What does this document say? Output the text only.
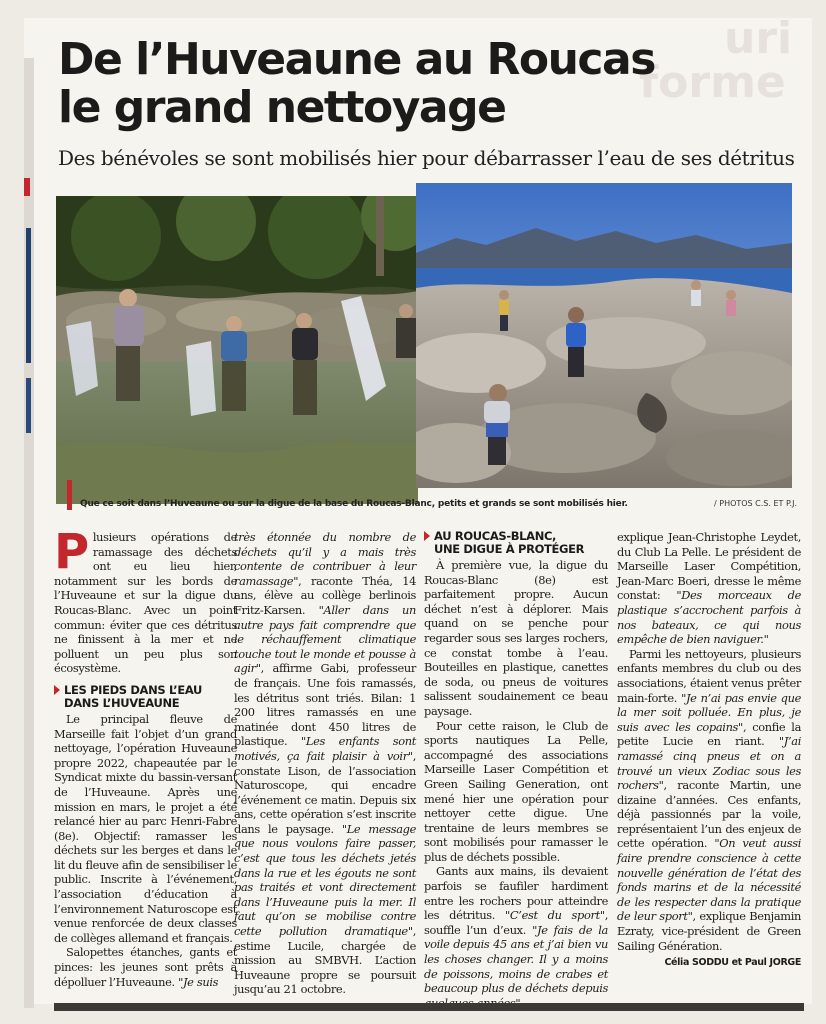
uri
forme
De l’Huveaune au Roucas
le grand nettoyage

Des bénévoles se sont mobilisés hier pour débarrasser l’eau de ses détritus

Que ce soit dans l’Huveaune ou sur la digue de la base du Roucas-Blanc, petits et grands se sont mobilisés hier.	/ PHOTOS C.S. ET P.J.

Plusieurs opérations de ramassage des déchets ont eu lieu hier, notamment sur les bords de l’Huveaune et sur la digue du Roucas-Blanc. Avec un point commun: éviter que ces détritus ne finissent à la mer et ne polluent un peu plus son écosystème.

LES PIEDS DANS L’EAU
DANS L’HUVEAUNE

Le principal fleuve de Marseille fait l’objet d’un grand nettoyage, l’opération Huveaune propre 2022, chapeautée par le Syndicat mixte du bassin-versant de l’Huveaune. Après une mission en mars, le projet a été relancé hier au parc Henri-Fabre (8e). Objectif: ramasser les déchets sur les berges et dans le lit du fleuve afin de sensibiliser le public. Inscrite à l’événement, l’association d’éducation à l’environnement Naturoscope est venue renforcée de deux classes de collèges allemand et français.

Salopettes étanches, gants et pinces: les jeunes sont prêts à dépolluer l’Huveaune. "Je suis

très étonnée du nombre de déchets qu’il y a mais très contente de contribuer à leur ramassage", raconte Théa, 14 ans, élève au collège berlinois Fritz-Karsen. "Aller dans un autre pays fait comprendre que le réchauffement climatique touche tout le monde et pousse à agir", affirme Gabi, professeur de français. Une fois ramassés, les détritus sont triés. Bilan: 1 200 litres ramassés en une matinée dont 450 litres de plastique. "Les enfants sont motivés, ça fait plaisir à voir", constate Lison, de l’association Naturoscope, qui encadre l’événement ce matin. Depuis six ans, cette opération s’est inscrite dans le paysage. "Le message que nous voulons faire passer, c’est que tous les déchets jetés dans la rue et les égouts ne sont pas traités et vont directement dans l’Huveaune puis la mer. Il faut qu’on se mobilise contre cette pollution dramatique", estime Lucile, chargée de mission au SMBVH. L’action Huveaune propre se poursuit jusqu’au 21 octobre.

AU ROUCAS-BLANC,
UNE DIGUE À PROTÉGER

À première vue, la digue du Roucas-Blanc (8e) est parfaitement propre. Aucun déchet n’est à déplorer. Mais quand on se penche pour regarder sous ses larges rochers, ce constat tombe à l’eau. Bouteilles en plastique, canettes de soda, ou pneus de voitures salissent soudainement ce beau paysage.

Pour cette raison, le Club de sports nautiques La Pelle, accompagné des associations Marseille Laser Compétition et Green Sailing Generation, ont mené hier une opération pour nettoyer cette digue. Une trentaine de leurs membres se sont mobilisés pour ramasser le plus de déchets possible.

Gants aux mains, ils devaient parfois se faufiler hardiment entre les rochers pour atteindre les détritus. "C’est du sport", souffle l’un d’eux. "Je fais de la voile depuis 45 ans et j’ai bien vu les choses changer. Il y a moins de poissons, moins de crabes et beaucoup plus de déchets depuis

explique Jean-Christophe Leydet, du Club La Pelle. Le président de Marseille Laser Compétition, Jean-Marc Boeri, dresse le même constat: "Des morceaux de plastique s’accrochent parfois à nos bateaux, ce qui nous empêche de bien naviguer."

Parmi les nettoyeurs, plusieurs enfants membres du club ou des associations, étaient venus prêter main-forte. "Je n’ai pas envie que la mer soit polluée. En plus, je suis avec les copains", confie la petite Lucie en riant. "J’ai ramassé cinq pneus et on a trouvé un vieux Zodiac sous les rochers", raconte Martin, une dizaine d’années. Ces enfants, déjà passionnés par la voile, représentaient l’un des enjeux de cette opération. "On veut aussi faire prendre conscience à cette nouvelle génération de l’état des fonds marins et de la nécessité de les respecter dans la pratique de leur sport", explique Benjamin Ezraty, vice-président de Green Sailing Génération.

Célia SODDU et Paul JORGE
